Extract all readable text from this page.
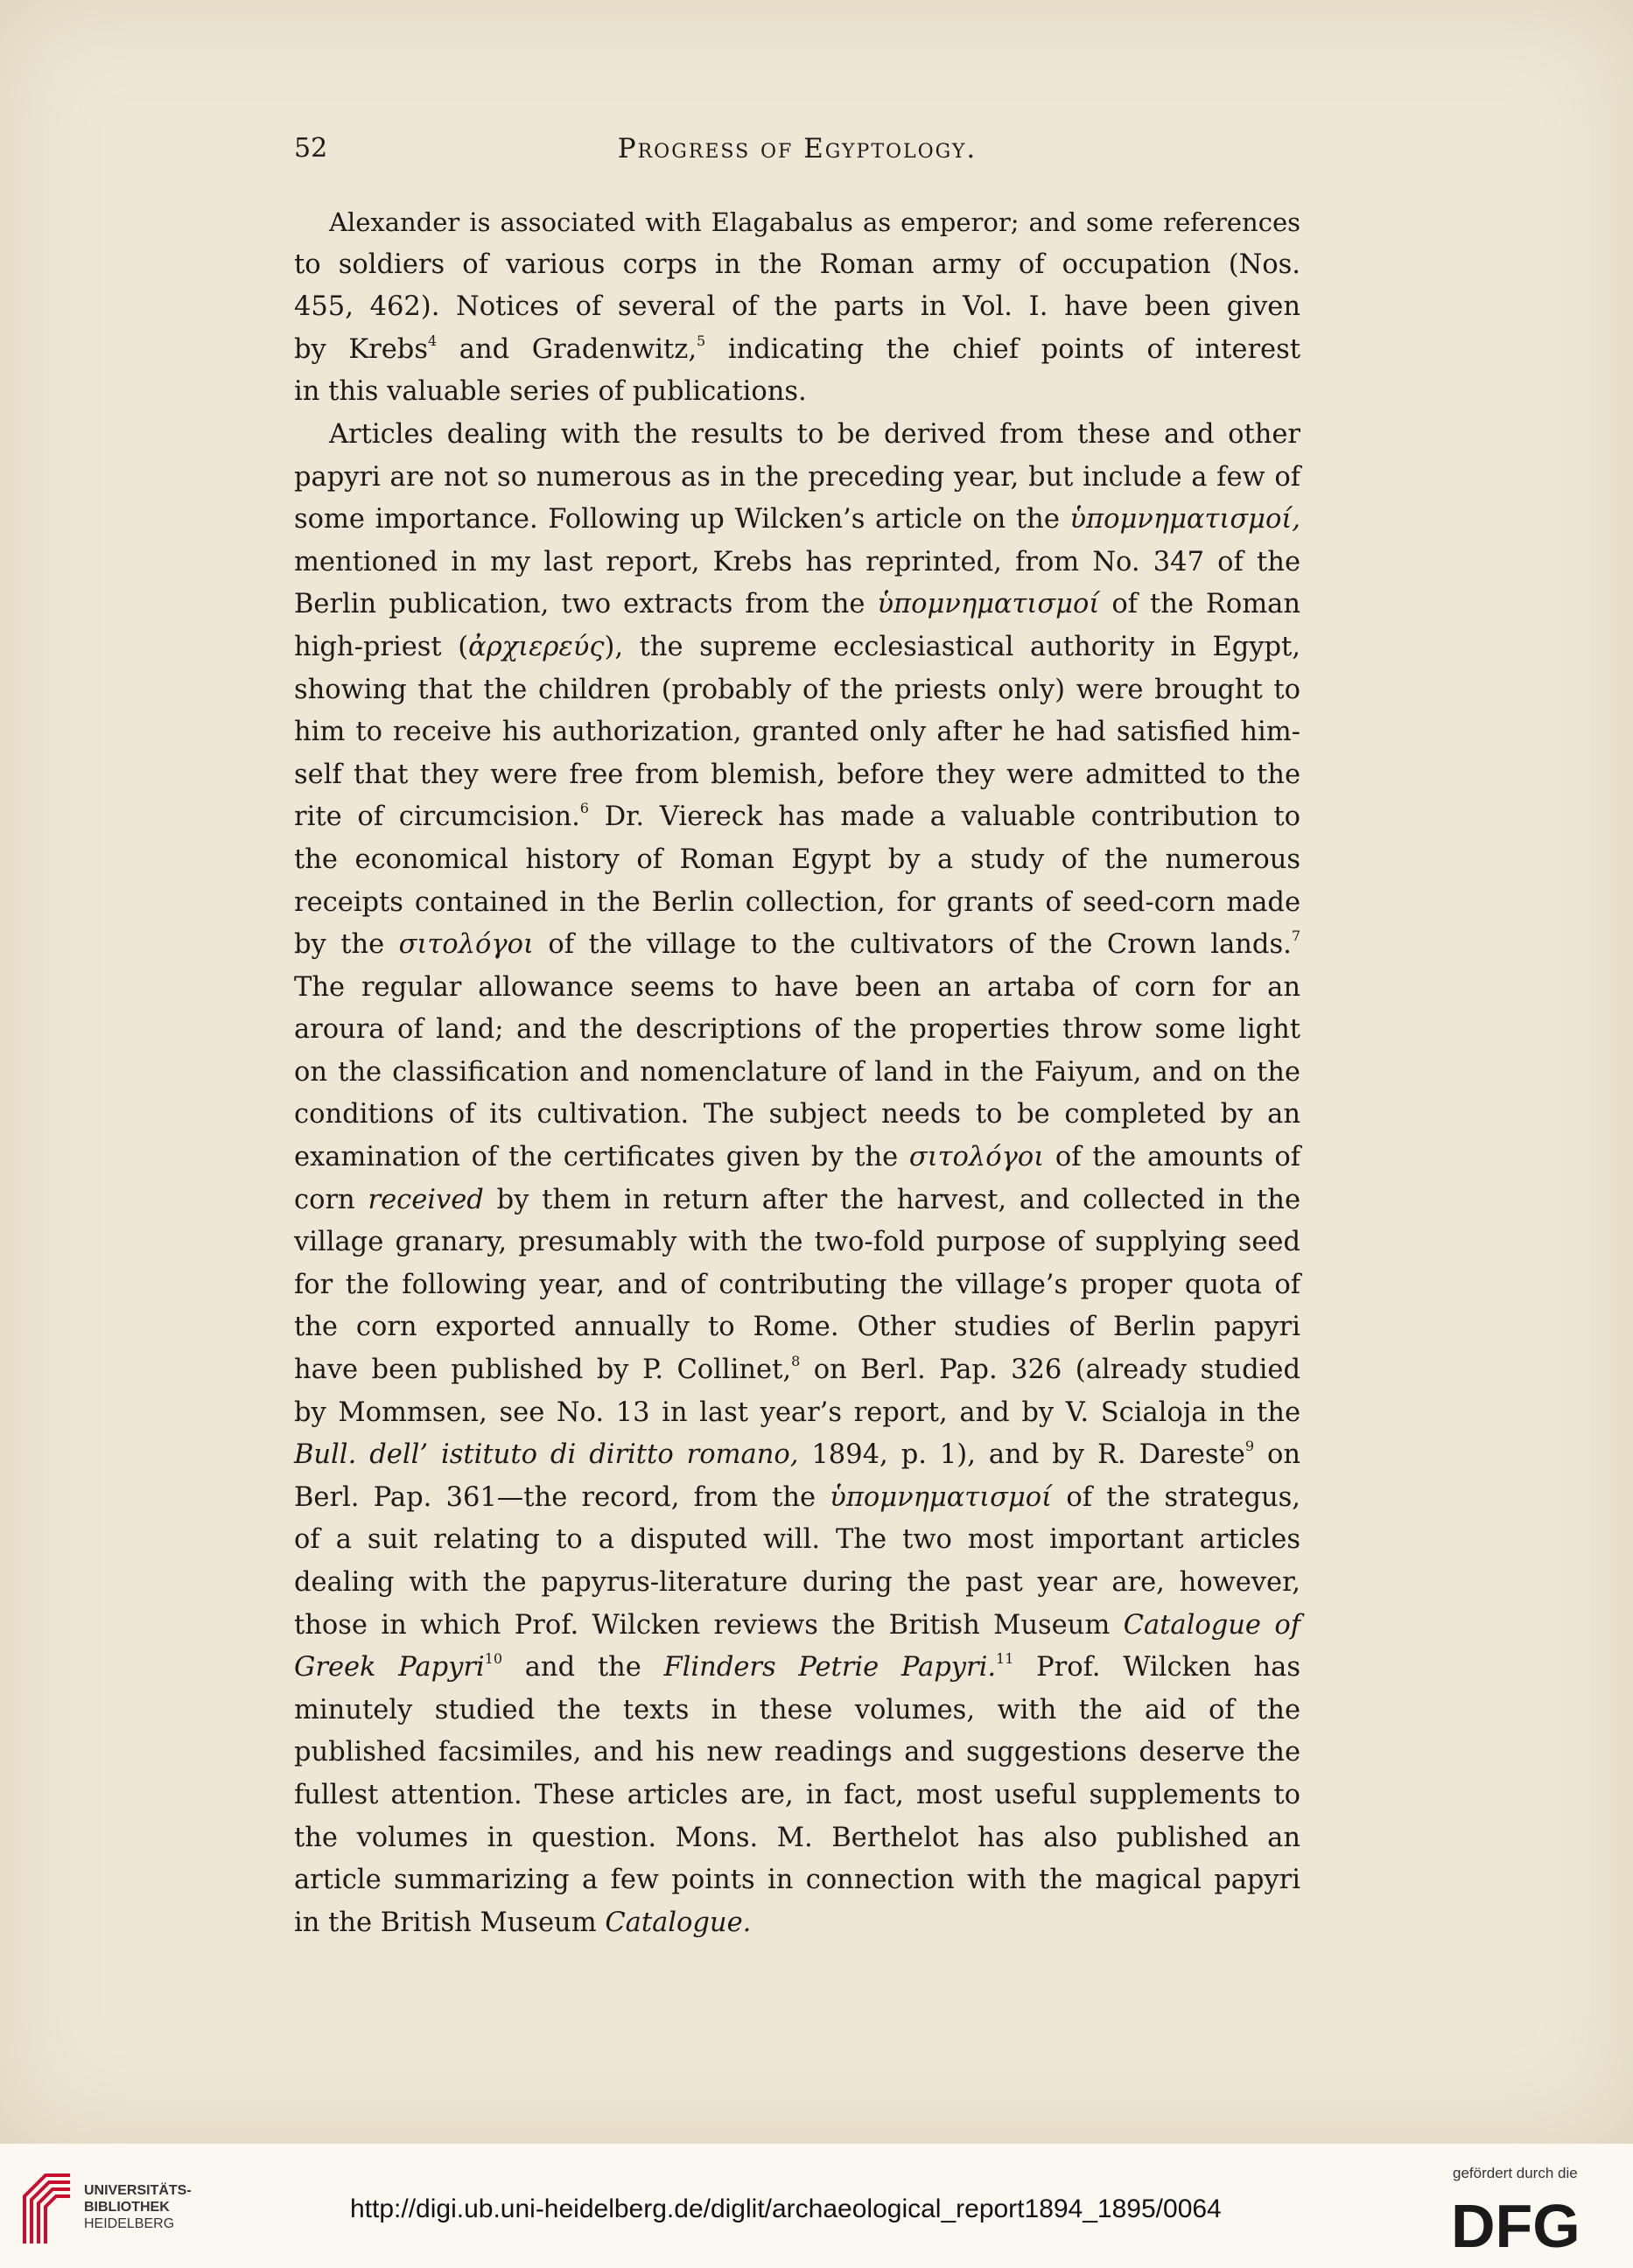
52	Progress of Egyptology.
Alexander is associated with Elagabalus as emperor; and some references
to soldiers of various corps in the Roman army of occupation (Nos.
455, 462). Notices of several of the parts in Vol. I. have been given
by Krebs$^4$ and Gradenwitz,$^5$ indicating the chief points of interest
in this valuable series of publications.
Articles dealing with the results to be derived from these and other
papyri are not so numerous as in the preceding year, but include a few of
some importance. Following up Wilcken’s article on the ὑπομνηματισμοί,
mentioned in my last report, Krebs has reprinted, from No. 347 of the
Berlin publication, two extracts from the ὑπομνηματισμοί of the Roman
high-priest (ἀρχιερεύς), the supreme ecclesiastical authority in Egypt,
showing that the children (probably of the priests only) were brought to
him to receive his authorization, granted only after he had satisfied him-
self that they were free from blemish, before they were admitted to the
rite of circumcision.$^6$ Dr. Viereck has made a valuable contribution to
the economical history of Roman Egypt by a study of the numerous
receipts contained in the Berlin collection, for grants of seed-corn made
by the σιτολόγοι of the village to the cultivators of the Crown lands.$^7$
The regular allowance seems to have been an artaba of corn for an
aroura of land; and the descriptions of the properties throw some light
on the classification and nomenclature of land in the Faiyum, and on the
conditions of its cultivation. The subject needs to be completed by an
examination of the certificates given by the σιτολόγοι of the amounts of
corn received by them in return after the harvest, and collected in the
village granary, presumably with the two-fold purpose of supplying seed
for the following year, and of contributing the village’s proper quota of
the corn exported annually to Rome. Other studies of Berlin papyri
have been published by P. Collinet,$^8$ on Berl. Pap. 326 (already studied
by Mommsen, see No. 13 in last year’s report, and by V. Scialoja in the
Bull. dell’ istituto di diritto romano, 1894, p. 1), and by R. Dareste$^9$ on
Berl. Pap. 361—the record, from the ὑπομνηματισμοί of the strategus,
of a suit relating to a disputed will. The two most important articles
dealing with the papyrus-literature during the past year are, however,
those in which Prof. Wilcken reviews the British Museum Catalogue of
Greek Papyri$^{10}$ and the Flinders Petrie Papyri.$^{11}$ Prof. Wilcken has
minutely studied the texts in these volumes, with the aid of the
published facsimiles, and his new readings and suggestions deserve the
fullest attention. These articles are, in fact, most useful supplements to
the volumes in question. Mons. M. Berthelot has also published an
article summarizing a few points in connection with the magical papyri
in the British Museum Catalogue.
UNIVERSITÄTS-
BIBLIOTHEK
HEIDELBERG
http://digi.ub.uni-heidelberg.de/diglit/archaeological_report1894_1895/0064
gefördert durch die
DFG
